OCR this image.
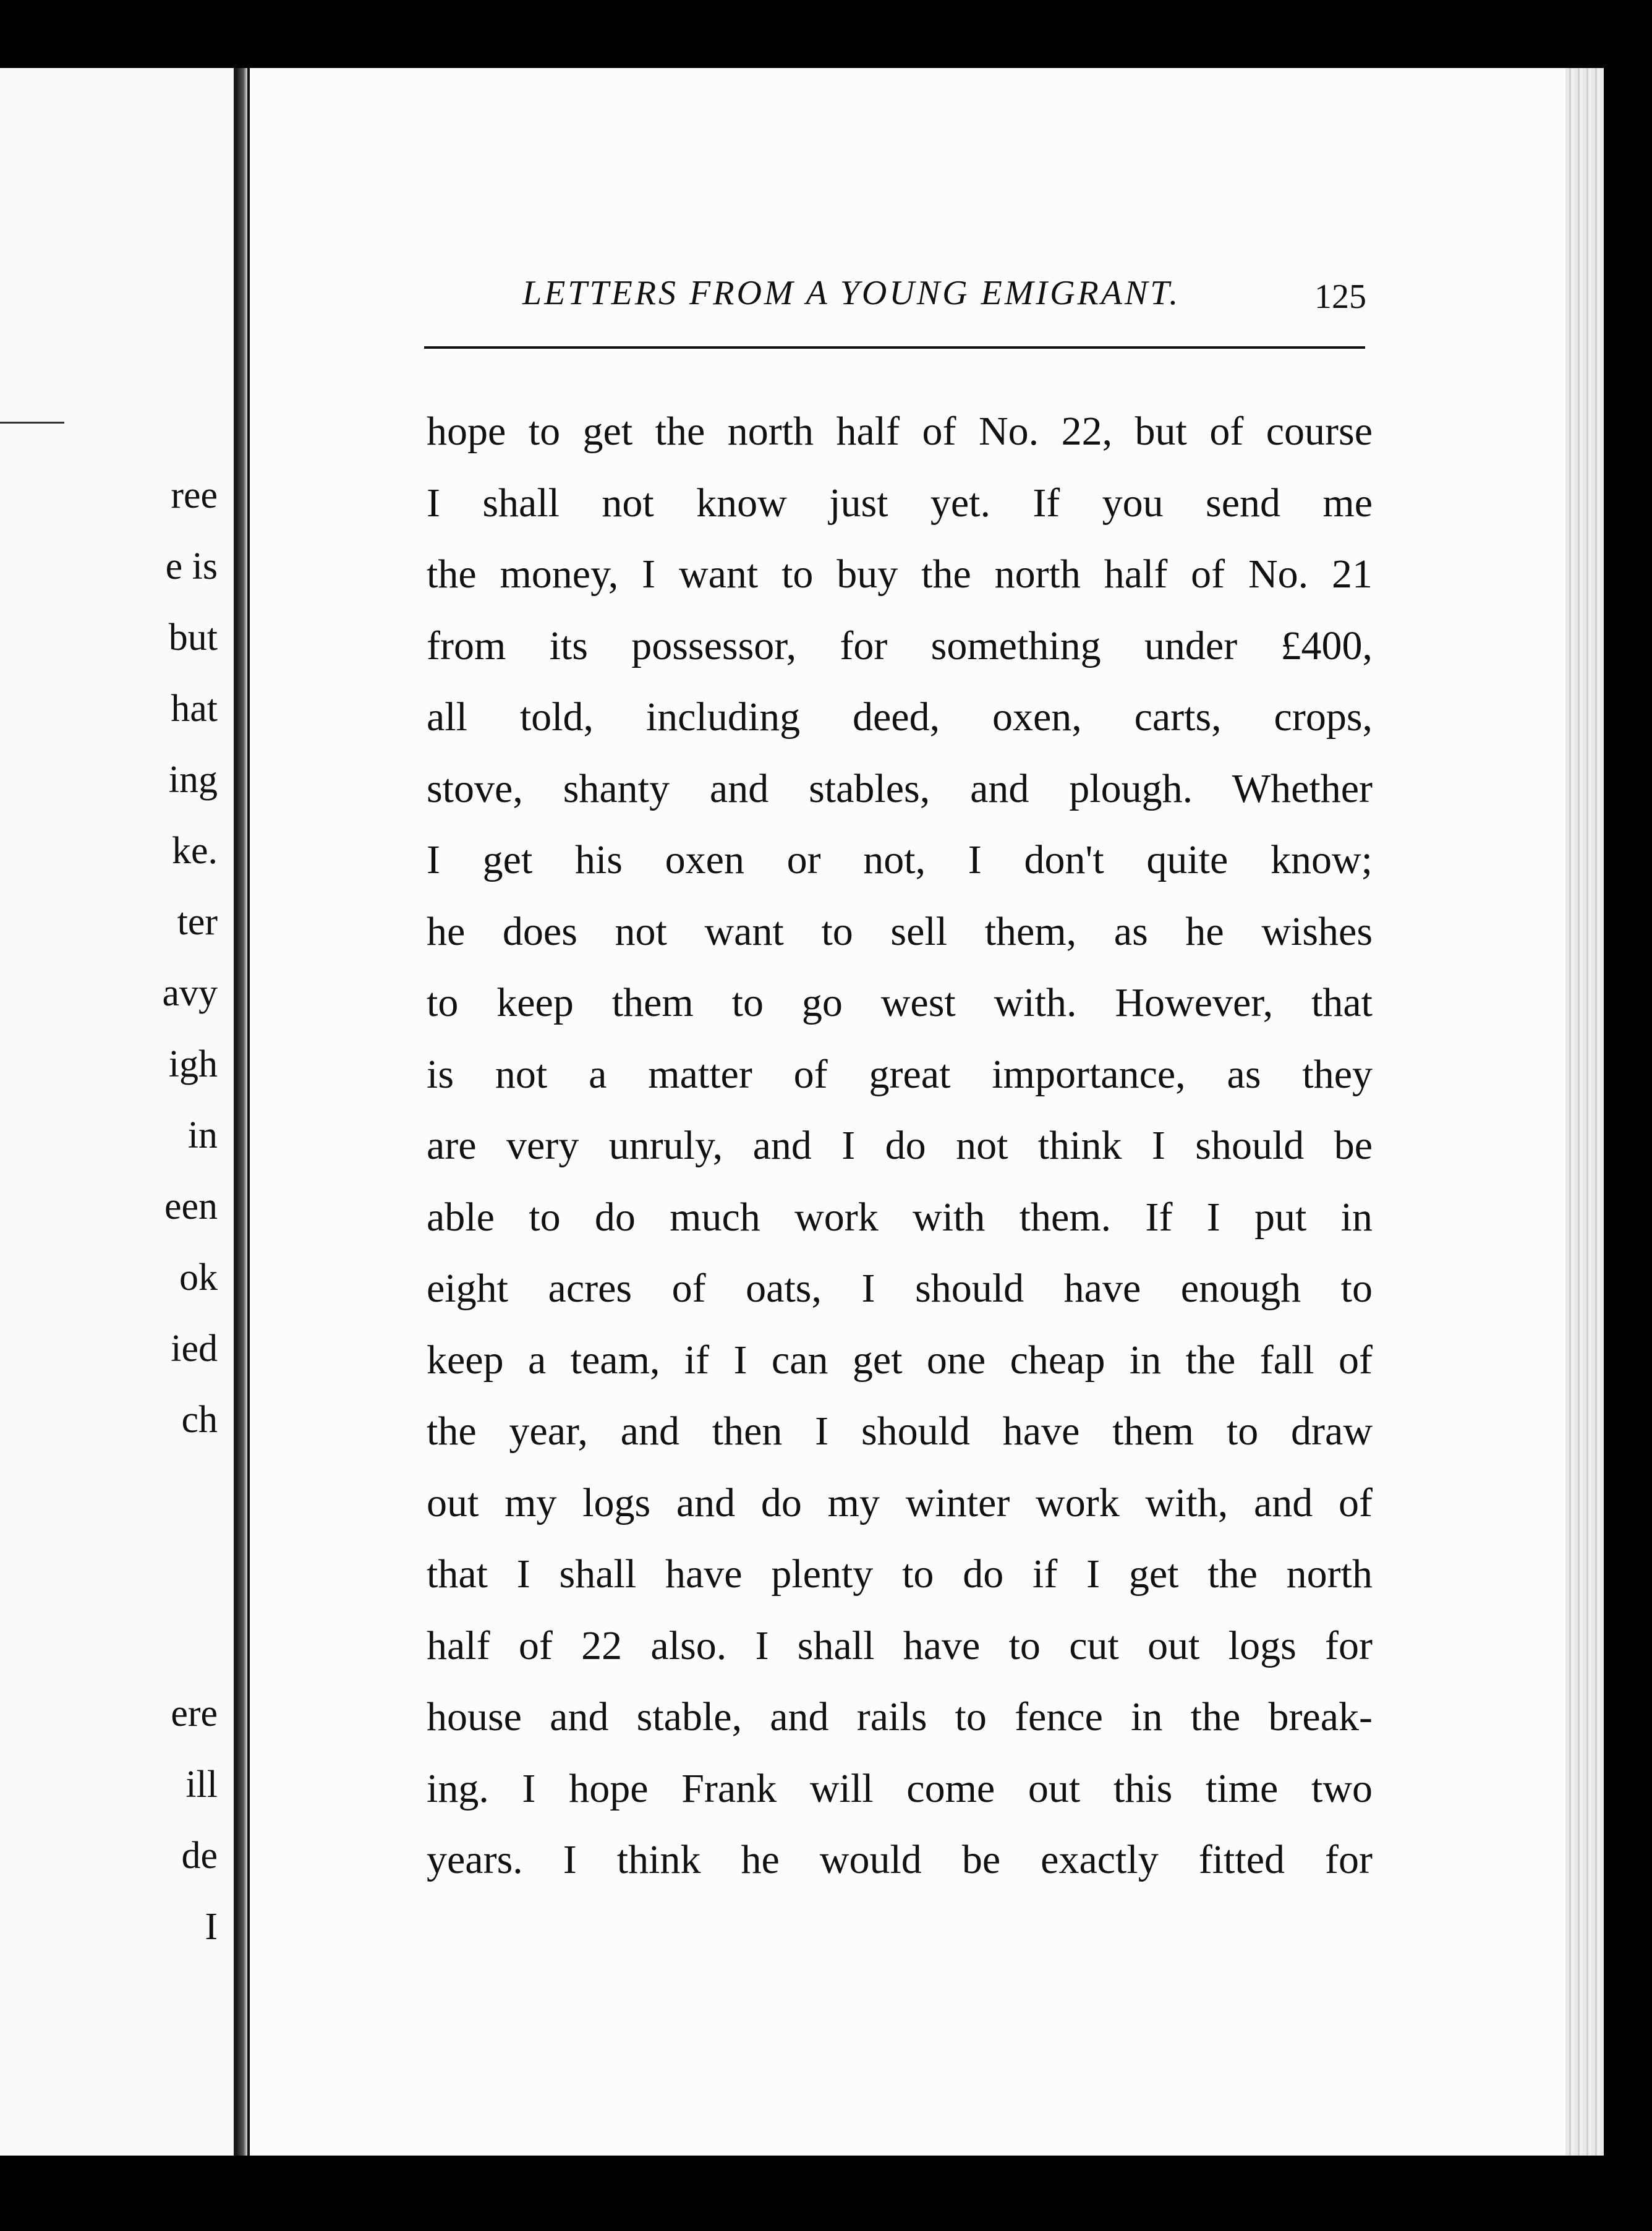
ree
e is
but
hat
ing
ke.
ter
avy
igh
in
een
ok
ied
ch
ere
ill
de
I
LETTERS FROM A YOUNG EMIGRANT.	125
hope to get the north half of No. 22, but of course
I shall not know just yet. If you send me
the money, I want to buy the north half of No. 21
from its possessor, for something under £400,
all told, including deed, oxen, carts, crops,
stove, shanty and stables, and plough. Whether
I get his oxen or not, I don't quite know;
he does not want to sell them, as he wishes
to keep them to go west with. However, that
is not a matter of great importance, as they
are very unruly, and I do not think I should be
able to do much work with them. If I put in
eight acres of oats, I should have enough to
keep a team, if I can get one cheap in the fall of
the year, and then I should have them to draw
out my logs and do my winter work with, and of
that I shall have plenty to do if I get the north
half of 22 also. I shall have to cut out logs for
house and stable, and rails to fence in the break-
ing. I hope Frank will come out this time two
years. I think he would be exactly fitted for
